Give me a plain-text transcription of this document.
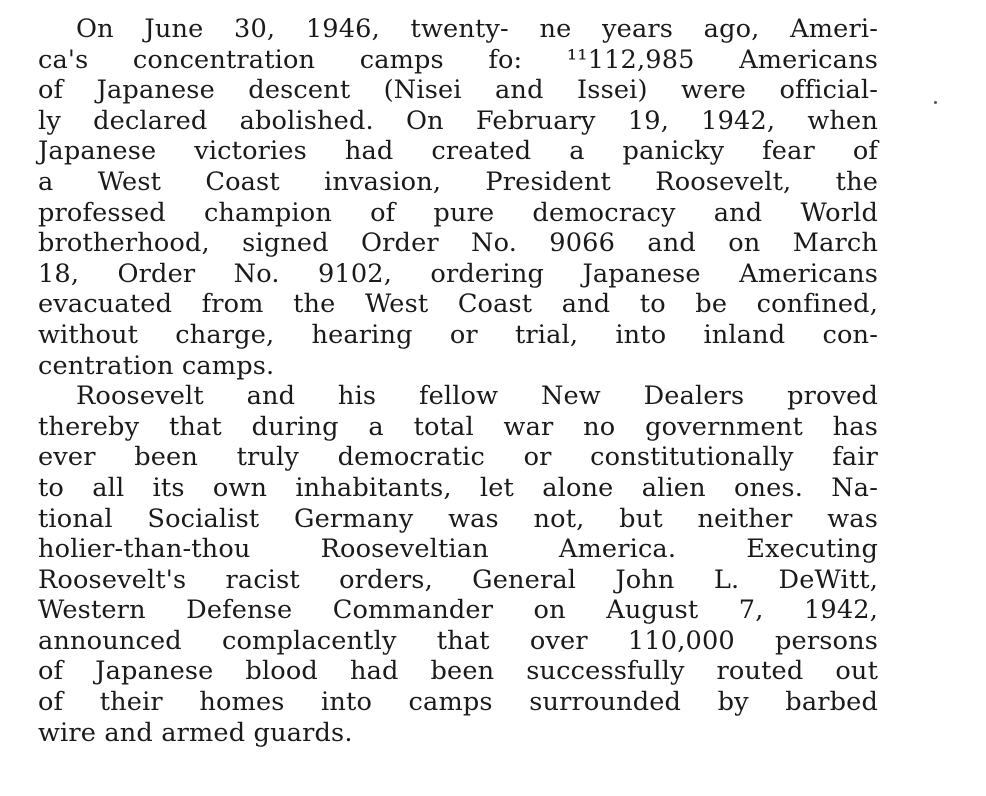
On June 30, 1946, twenty- ne years ago, Ameri-
ca's concentration camps fo: ¹¹112,985 Americans
of Japanese descent (Nisei and Issei) were official-
ly declared abolished. On February 19, 1942, when
Japanese victories had created a panicky fear of
a West Coast invasion, President Roosevelt, the
professed champion of pure democracy and World
brotherhood, signed Order No. 9066 and on March
18, Order No. 9102, ordering Japanese Americans
evacuated from the West Coast and to be confined,
without charge, hearing or trial, into inland con-
centration camps.
Roosevelt and his fellow New Dealers proved
thereby that during a total war no government has
ever been truly democratic or constitutionally fair
to all its own inhabitants, let alone alien ones. Na-
tional Socialist Germany was not, but neither was
holier-than-thou Rooseveltian America. Executing
Roosevelt's racist orders, General John L. DeWitt,
Western Defense Commander on August 7, 1942,
announced complacently that over 110,000 persons
of Japanese blood had been successfully routed out
of their homes into camps surrounded by barbed
wire and armed guards.
